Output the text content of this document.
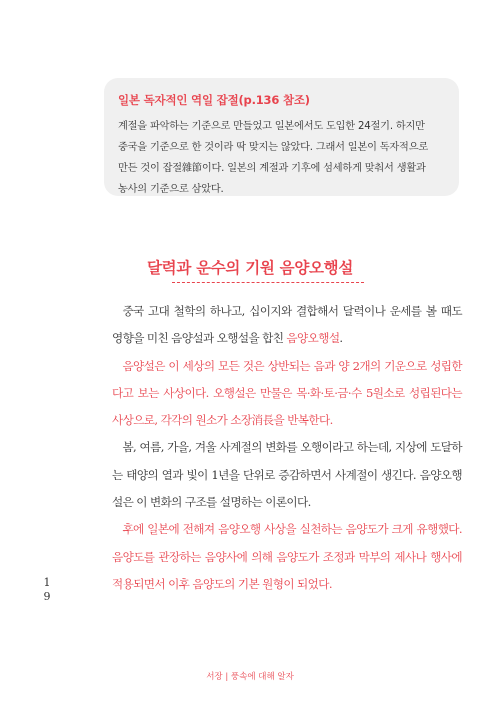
일본 독자적인 역일 잡절(p.136 참조)

계절을 파악하는 기준으로 만들었고 일본에서도 도입한 24절기. 하지만
중국을 기준으로 한 것이라 딱 맞지는 않았다. 그래서 일본이 독자적으로
만든 것이 잡절雜節이다. 일본의 계절과 기후에 섬세하게 맞춰서 생활과
농사의 기준으로 삼았다.

달력과 운수의 기원 음양오행설

중국 고대 철학의 하나고, 십이지와 결합해서 달력이나 운세를 볼 때도 영향을 미친 음양설과 오행설을 합친 음양오행설.

음양설은 이 세상의 모든 것은 상반되는 음과 양 2개의 기운으로 성립한다고 보는 사상이다. 오행설은 만물은 목·화·토·금·수 5원소로 성립된다는 사상으로, 각각의 원소가 소장消長을 반복한다.

봄, 여름, 가을, 겨울 사계절의 변화를 오행이라고 하는데, 지상에 도달하는 태양의 열과 빛이 1년을 단위로 증감하면서 사계절이 생긴다. 음양오행설은 이 변화의 구조를 설명하는 이론이다.

후에 일본에 전해져 음양오행 사상을 실천하는 음양도가 크게 유행했다. 음양도를 관장하는 음양사에 의해 음양도가 조정과 막부의 제사나 행사에 적용되면서 이후 음양도의 기본 원형이 되었다.

1
9
서장 | 풍속에 대해 알자
